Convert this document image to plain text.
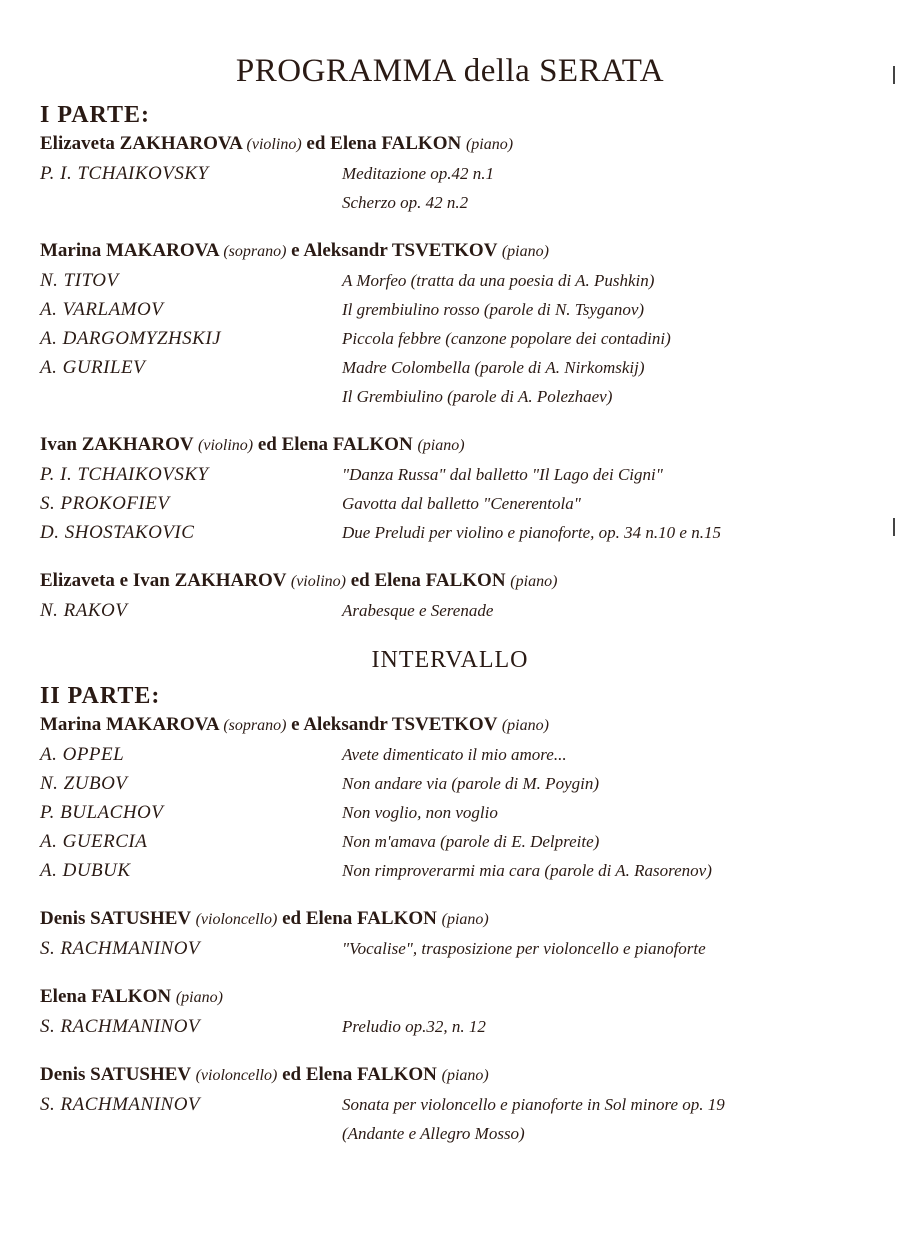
PROGRAMMA della SERATA
I PARTE:
Elizaveta ZAKHAROVA (violino) ed Elena FALKON (piano)
P. I. TCHAIKOVSKY	Meditazione op.42 n.1
Scherzo op. 42 n.2
Marina MAKAROVA (soprano) e Aleksandr TSVETKOV (piano)
N. TITOV	A Morfeo (tratta da una poesia di A. Pushkin)
A. VARLAMOV	Il grembiulino rosso (parole di N. Tsyganov)
A. DARGOMYZHSKIJ	Piccola febbre (canzone popolare dei contadini)
A. GURILEV	Madre Colombella (parole di A. Nirkomskij)
Il Grembiulino (parole di A. Polezhaev)
Ivan ZAKHAROV (violino) ed Elena FALKON (piano)
P. I. TCHAIKOVSKY	"Danza Russa" dal balletto "Il Lago dei Cigni"
S. PROKOFIEV	Gavotta dal balletto "Cenerentola"
D. SHOSTAKOVIC	Due Preludi per violino e pianoforte, op. 34 n.10 e n.15
Elizaveta e Ivan ZAKHAROV (violino) ed Elena FALKON (piano)
N. RAKOV	Arabesque e Serenade
INTERVALLO
II PARTE:
Marina MAKAROVA (soprano) e Aleksandr TSVETKOV (piano)
A. OPPEL	Avete dimenticato il mio amore...
N. ZUBOV	Non andare via (parole di M. Poygin)
P. BULACHOV	Non voglio, non voglio
A. GUERCIA	Non m'amava (parole di E. Delpreite)
A. DUBUK	Non rimproverarmi mia cara (parole di A. Rasorenov)
Denis SATUSHEV (violoncello) ed Elena FALKON (piano)
S. RACHMANINOV	"Vocalise", trasposizione per violoncello e pianoforte
Elena FALKON (piano)
S. RACHMANINOV	Preludio op.32, n. 12
Denis SATUSHEV (violoncello) ed Elena FALKON (piano)
S. RACHMANINOV	Sonata per violoncello e pianoforte in Sol minore op. 19
(Andante e Allegro Mosso)
